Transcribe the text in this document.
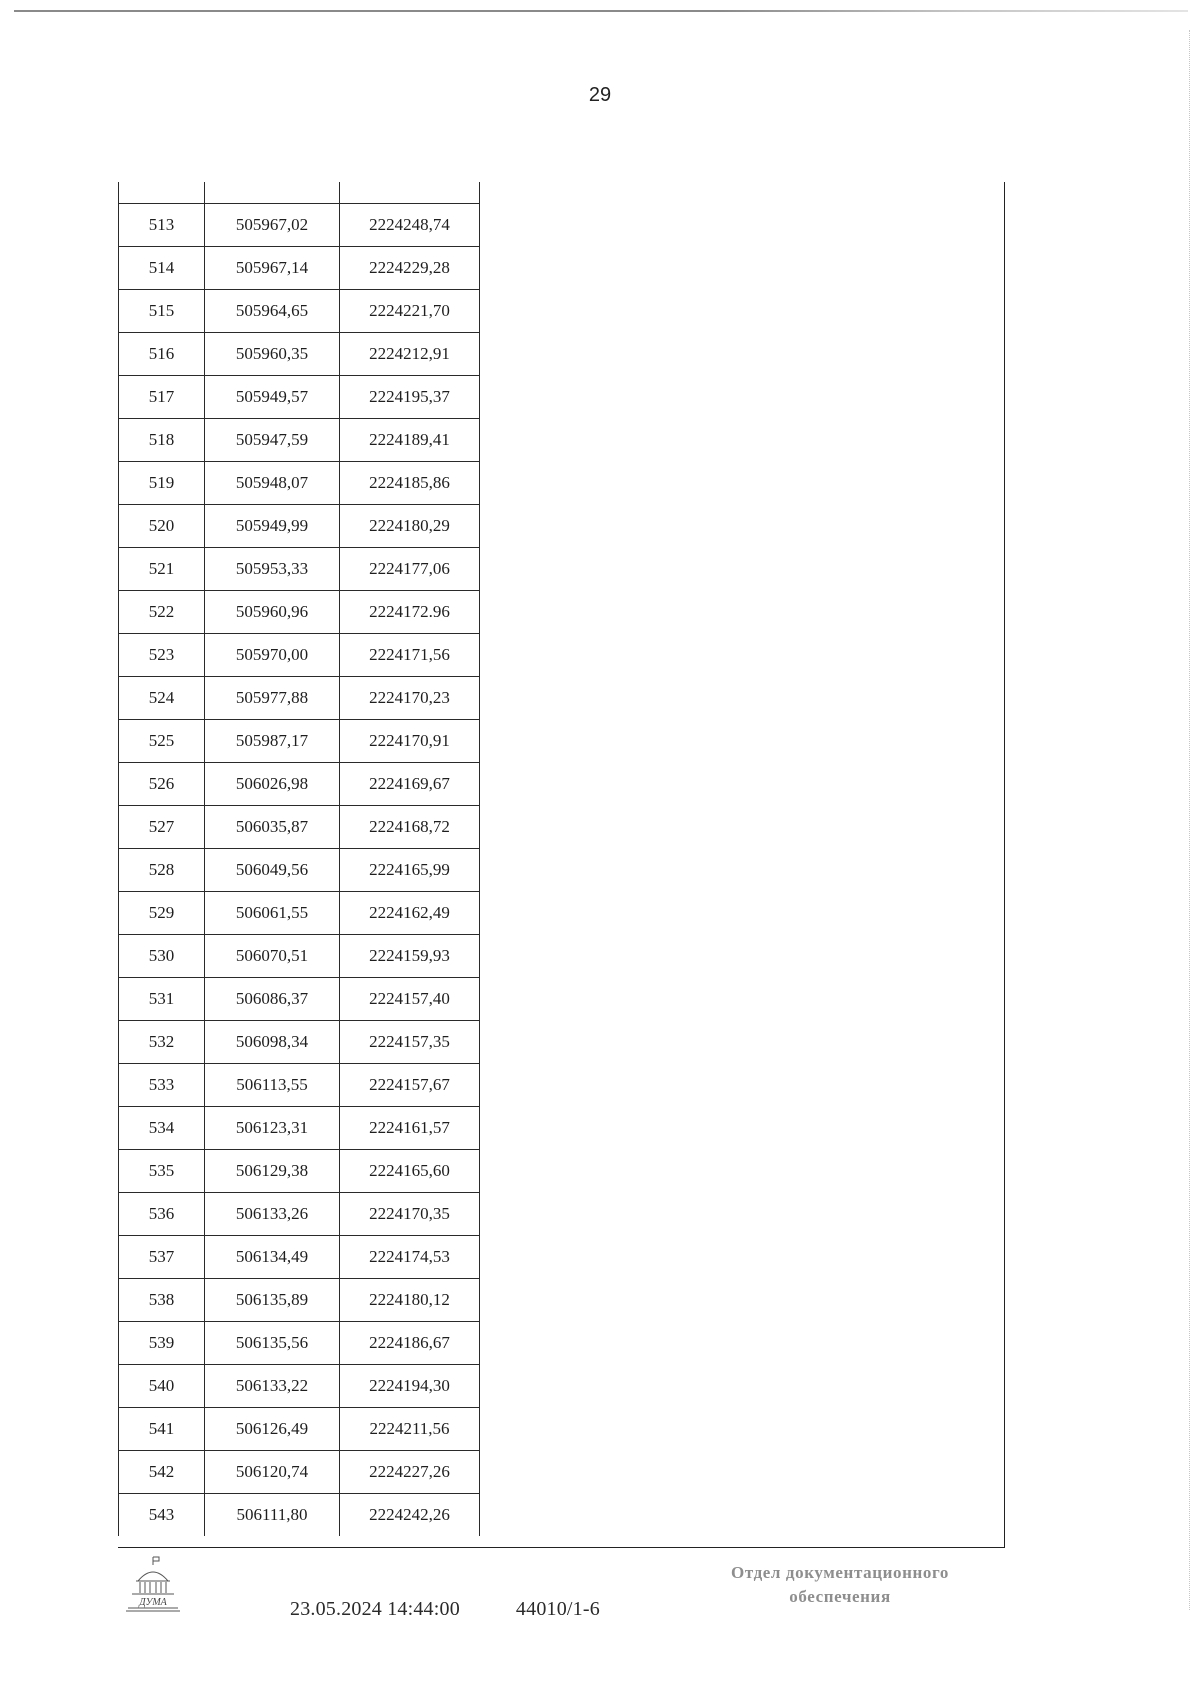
29

513	505967,02	2224248,74
514	505967,14	2224229,28
515	505964,65	2224221,70
516	505960,35	2224212,91
517	505949,57	2224195,37
518	505947,59	2224189,41
519	505948,07	2224185,86
520	505949,99	2224180,29
521	505953,33	2224177,06
522	505960,96	2224172.96
523	505970,00	2224171,56
524	505977,88	2224170,23
525	505987,17	2224170,91
526	506026,98	2224169,67
527	506035,87	2224168,72
528	506049,56	2224165,99
529	506061,55	2224162,49
530	506070,51	2224159,93
531	506086,37	2224157,40
532	506098,34	2224157,35
533	506113,55	2224157,67
534	506123,31	2224161,57
535	506129,38	2224165,60
536	506133,26	2224170,35
537	506134,49	2224174,53
538	506135,89	2224180,12
539	506135,56	2224186,67
540	506133,22	2224194,30
541	506126,49	2224211,56
542	506120,74	2224227,26
543	506111,80	2224242,26
ДУМА	23.05.2024 14:44:00	44010/1-6
Отдел документационного
обеспечения
